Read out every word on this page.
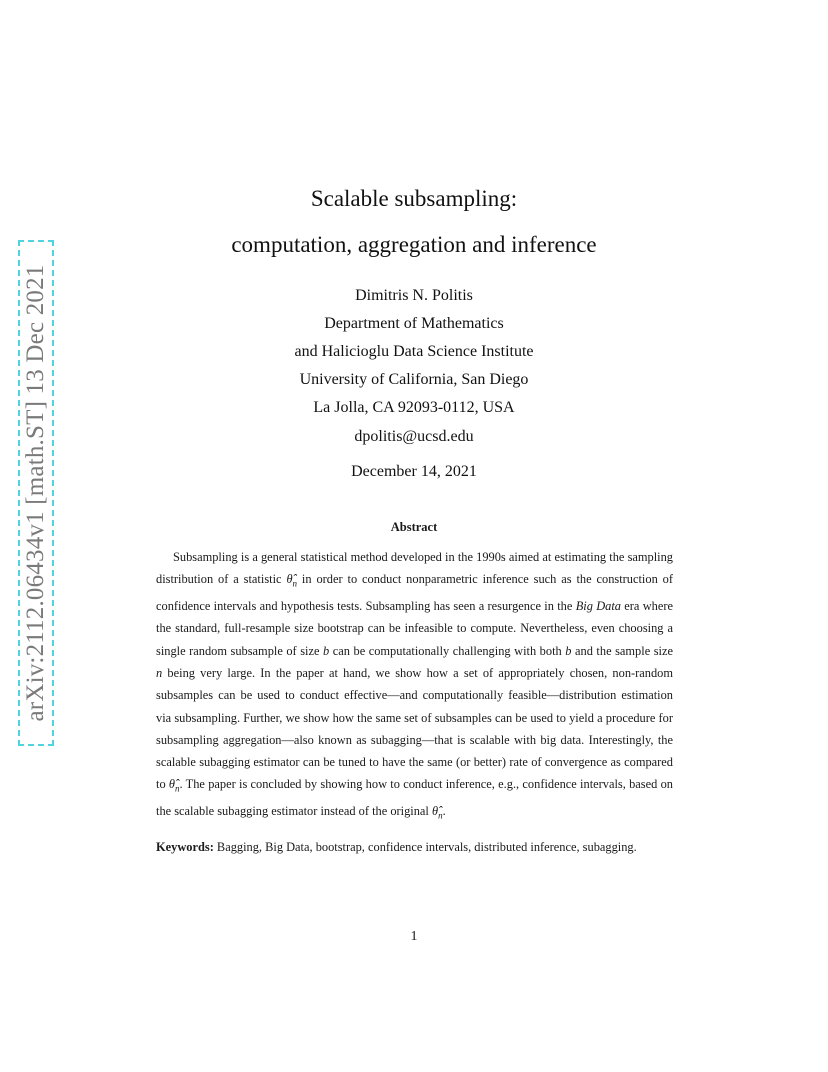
arXiv:2112.06434v1 [math.ST] 13 Dec 2021
Scalable subsampling:
computation, aggregation and inference
Dimitris N. Politis
Department of Mathematics
and Halicioglu Data Science Institute
University of California, San Diego
La Jolla, CA 92093-0112, USA
dpolitis@ucsd.edu
December 14, 2021
Abstract
Subsampling is a general statistical method developed in the 1990s aimed at estimating the sampling distribution of a statistic $\thetâ_n$ in order to conduct nonparametric inference such as the construction of confidence intervals and hypothesis tests. Subsampling has seen a resurgence in the Big Data era where the standard, full-resample size bootstrap can be infeasible to compute. Nevertheless, even choosing a single random subsample of size b can be computationally challenging with both b and the sample size n being very large. In the paper at hand, we show how a set of appropriately chosen, non-random subsamples can be used to conduct effective—and computationally feasible—distribution estimation via subsampling. Further, we show how the same set of subsamples can be used to yield a procedure for subsampling aggregation—also known as subagging—that is scalable with big data. Interestingly, the scalable subagging estimator can be tuned to have the same (or better) rate of convergence as compared to $\thetâ_n$. The paper is concluded by showing how to conduct inference, e.g., confidence intervals, based on the scalable subagging estimator instead of the original $\thetâ_n$.
Keywords: Bagging, Big Data, bootstrap, confidence intervals, distributed inference, subagging.
1
